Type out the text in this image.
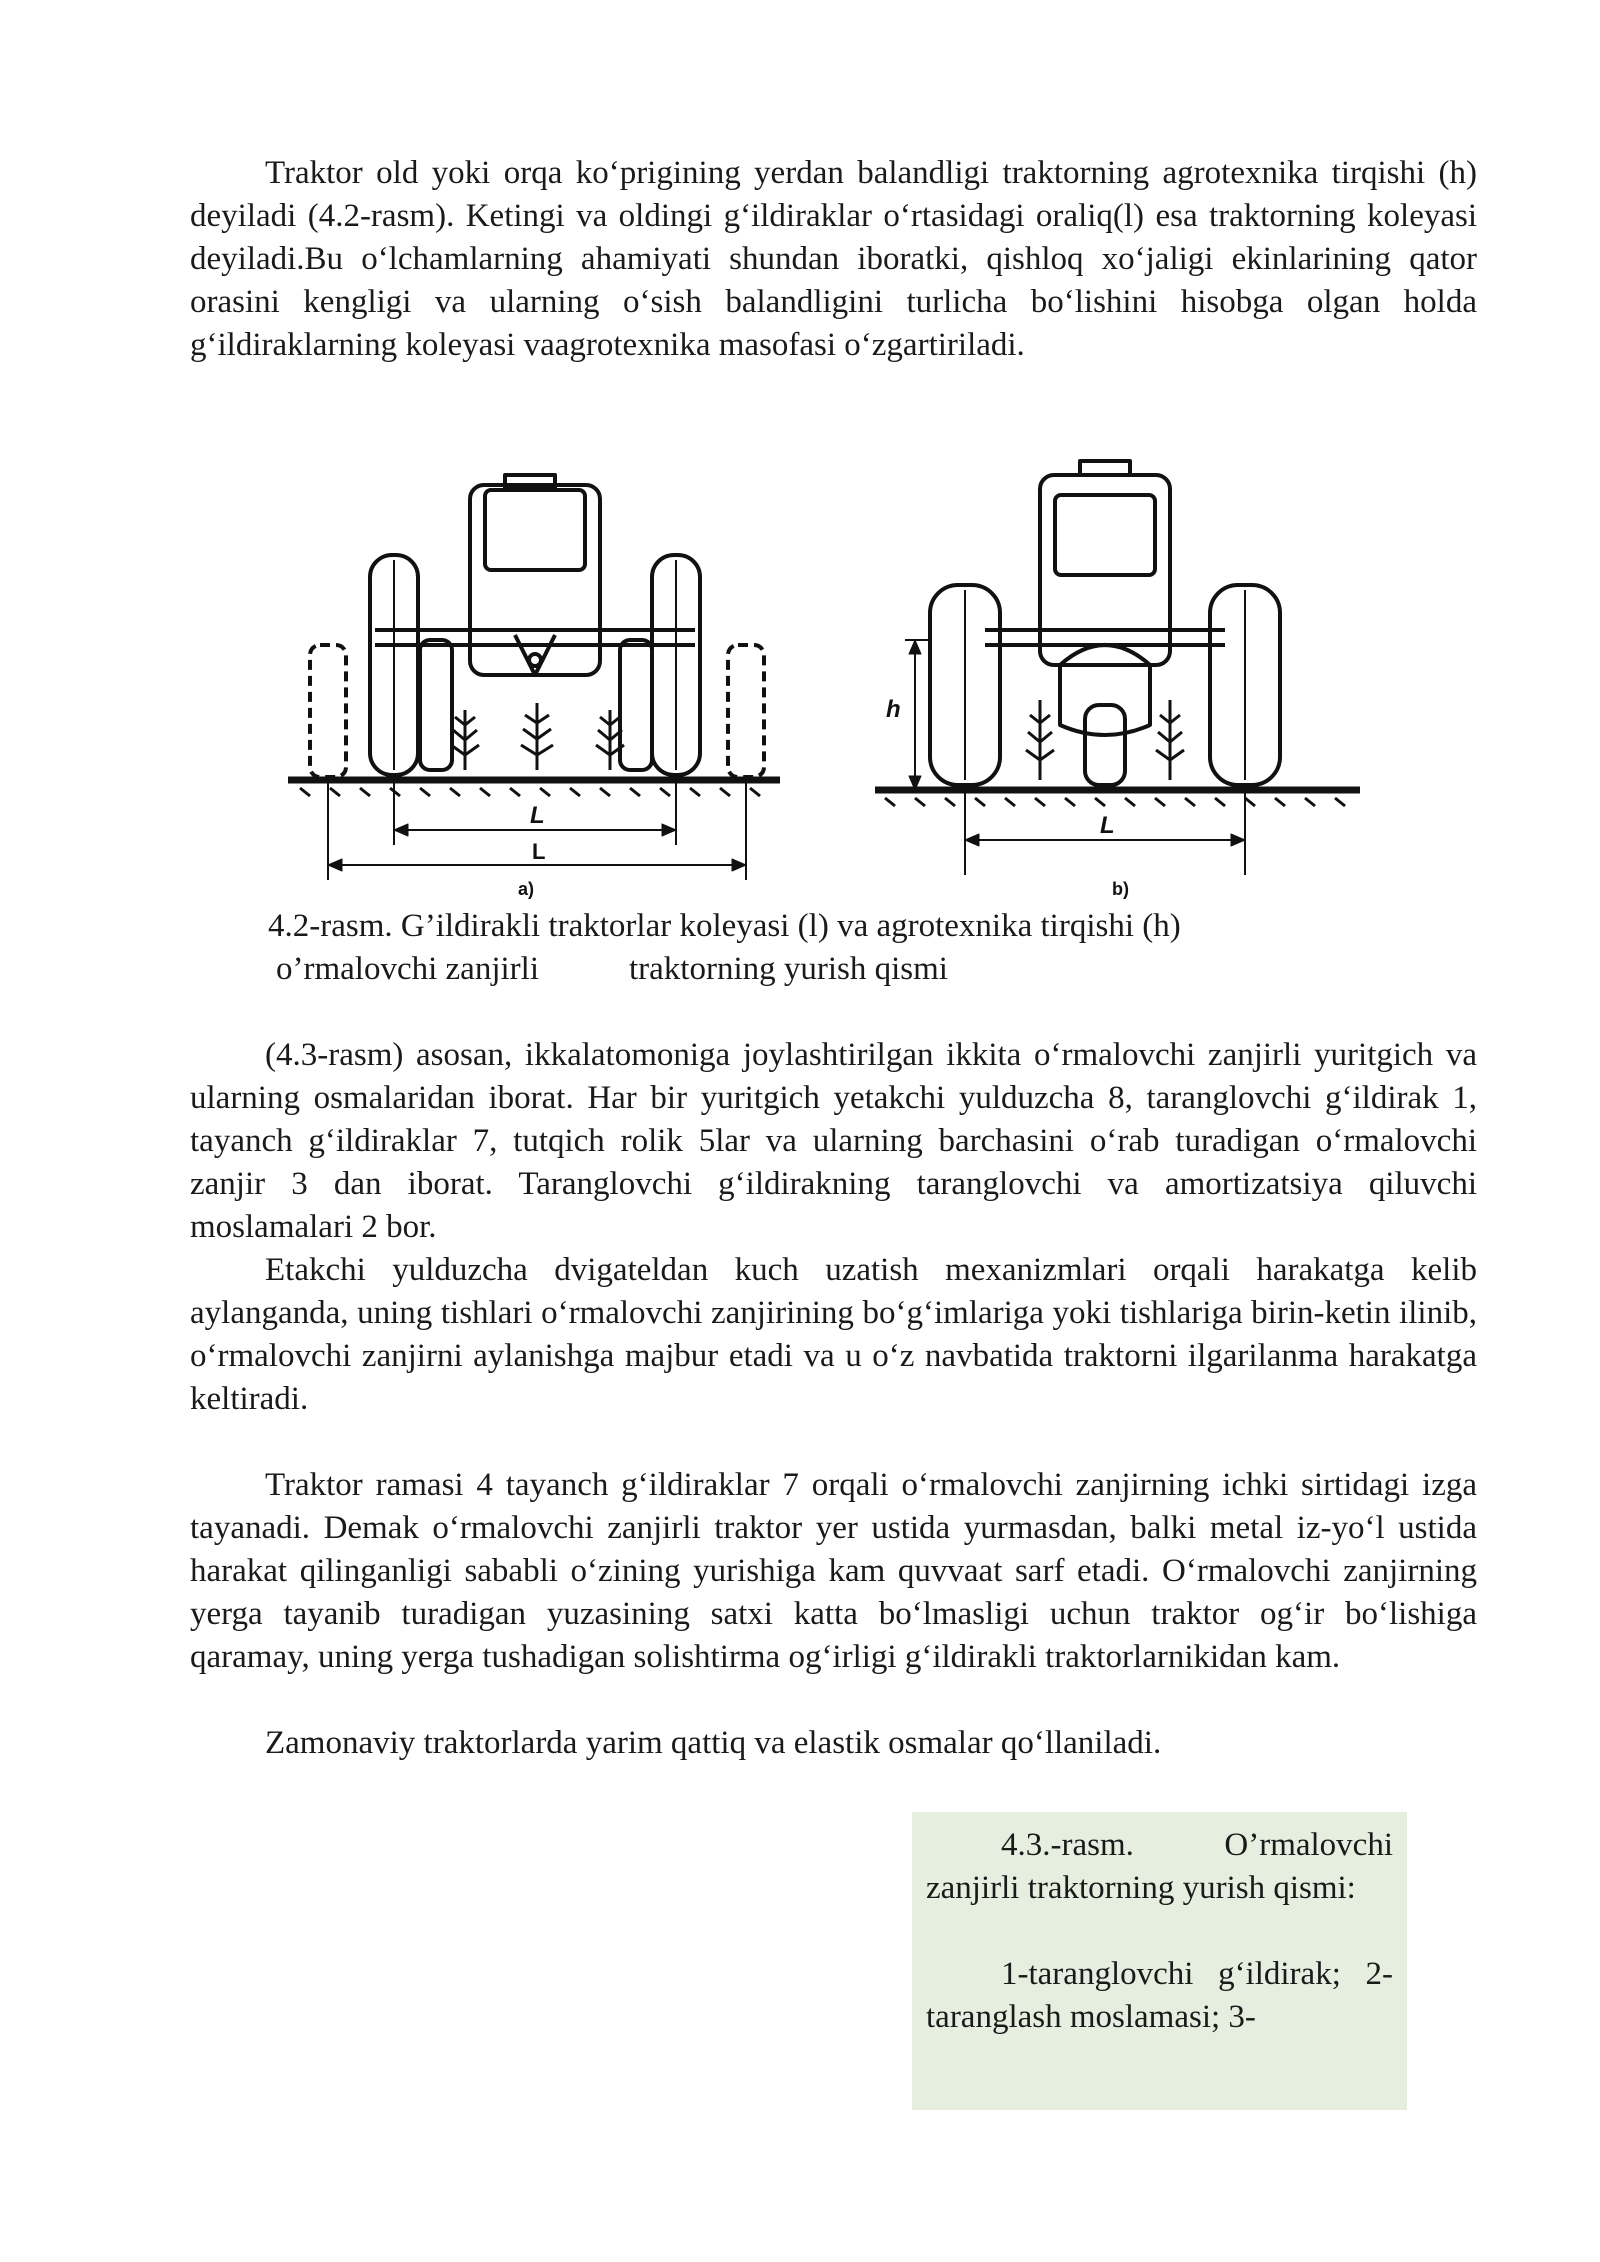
Traktor old yoki orqa koʻprigining yerdan balandligi traktorning agrotexnika tirqishi (h) deyiladi (4.2-rasm). Ketingi va oldingi gʻildiraklar oʻrtasidagi oraliq(l) esa traktorning koleyasi deyiladi.Bu oʻlchamlarning ahamiyati shundan iboratki, qishloq xoʻjaligi ekinlarining qator orasini kengligi va ularning oʻsish balandligini turlicha boʻlishini hisobga olgan holda gʻildiraklarning koleyasi vaagrotexnika masofasi oʻzgartiriladi.

a)	b)
L
L
L
h
4.2-rasm. G’ildirakli traktorlar koleyasi (l) va agrotexnika tirqishi (h)
o’rmalovchi zanjirli	traktorning yurish qismi

(4.3-rasm) asosan, ikkalatomoniga joylashtirilgan ikkita oʻrmalovchi zanjirli yuritgich va ularning osmalaridan iborat. Har bir yuritgich yetakchi yulduzcha 8, taranglovchi gʻildirak 1, tayanch gʻildiraklar 7, tutqich rolik 5lar va ularning barchasini oʻrab turadigan oʻrmalovchi zanjir 3 dan iborat. Taranglovchi gʻildirakning taranglovchi va amortizatsiya qiluvchi moslamalari 2 bor.

Etakchi yulduzcha dvigateldan kuch uzatish mexanizmlari orqali harakatga kelib aylanganda, uning tishlari oʻrmalovchi zanjirining boʻgʻimlariga yoki tishlariga birin-ketin ilinib, oʻrmalovchi zanjirni aylanishga majbur etadi va u oʻz navbatida traktorni ilgarilanma harakatga keltiradi.

Traktor ramasi 4 tayanch gʻildiraklar 7 orqali oʻrmalovchi zanjirning ichki sirtidagi izga tayanadi. Demak oʻrmalovchi zanjirli traktor yer ustida yurmasdan, balki metal iz-yoʻl ustida harakat qilinganligi sababli oʻzining yurishiga kam quvvaat sarf etadi. Oʻrmalovchi zanjirning yerga tayanib turadigan yuzasining satxi katta boʻlmasligi uchun traktor ogʻir boʻlishiga qaramay, uning yerga tushadigan solishtirma ogʻirligi gʻildirakli traktorlarnikidan kam.

Zamonaviy traktorlarda yarim qattiq va elastik osmalar qoʻllaniladi.

4.3.-rasm. O’rmalovchi zanjirli traktorning yurish qismi:

1-taranglovchi gʻildirak; 2-taranglash moslamasi; 3-
